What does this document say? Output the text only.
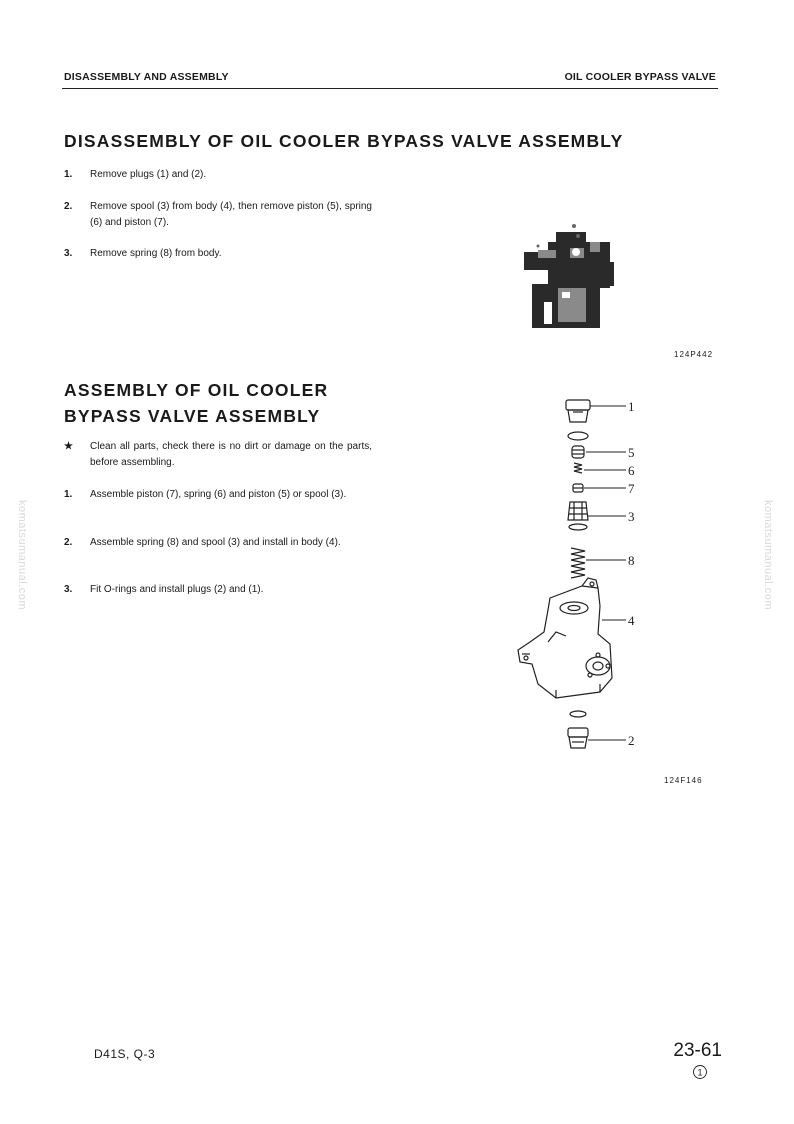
DISASSEMBLY AND ASSEMBLY	OIL COOLER BYPASS VALVE
komatsumanual.com	komatsumanual.com
DISASSEMBLY OF OIL COOLER BYPASS VALVE ASSEMBLY
1. Remove plugs (1) and (2).
2. Remove spool (3) from body (4), then remove piston (5), spring (6) and piston (7).
3. Remove spring (8) from body.
124P442
ASSEMBLY OF OIL COOLER
BYPASS VALVE ASSEMBLY
★ Clean all parts, check there is no dirt or damage on the parts, before assembling.
1. Assemble piston (7), spring (6) and piston (5) or spool (3).
2. Assemble spring (8) and spool (3) and install in body (4).
3. Fit O-rings and install plugs (2) and (1).
1
5
6
7
3
8
4
2
124F146
D41S, Q-3	23-61
1
